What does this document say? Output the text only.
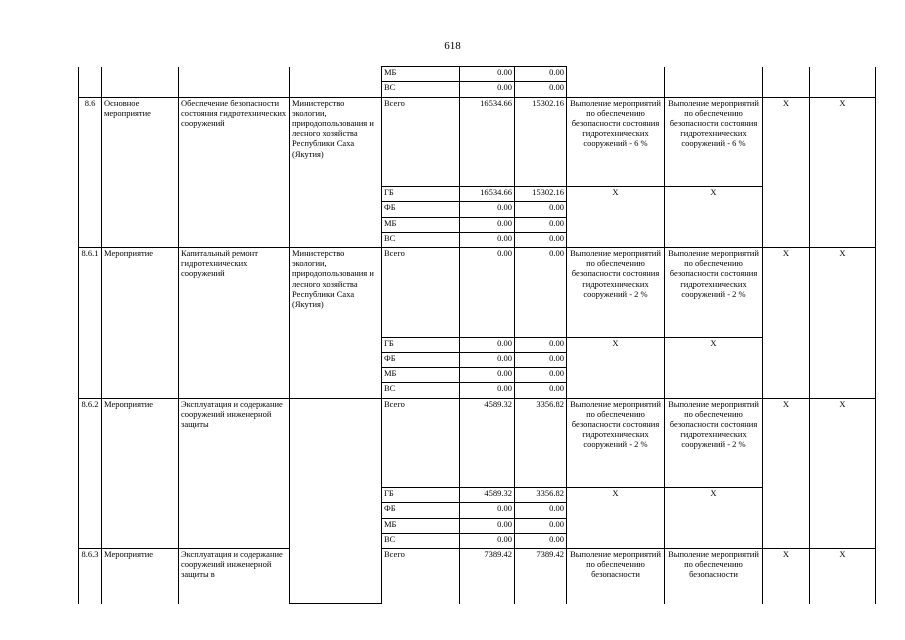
618
				МБ	0.00	0.00				
				ВС	0.00	0.00				
8.6	Основное мероприятие	Обеспечение безопасности состояния гидротехнических сооружений	Министерство экологии, природопользования и лесного хозяйства Республики Саха (Якутия)	Всего	16534.66	15302.16	Выполение мероприятий по обеспечению безопасности состояния гидротехнических сооружений - 6 %	Выполение мероприятий по обеспечению безопасности состояния гидротехнических сооружений - 6 %	Х	Х
				ГБ	16534.66	15302.16	Х	Х		
				ФБ	0.00	0.00				
				МБ	0.00	0.00				
				ВС	0.00	0.00				
8.6.1	Мероприятие	Капитальный ремонт гидротехнических сооружений	Министерство экологии, природопользования и лесного хозяйства Республики Саха (Якутия)	Всего	0.00	0.00	Выполение мероприятий по обеспечению безопасности состояния гидротехнических сооружений - 2 %	Выполение мероприятий по обеспечению безопасности состояния гидротехнических сооружений - 2 %	Х	Х
				ГБ	0.00	0.00	Х	Х		
				ФБ	0.00	0.00				
				МБ	0.00	0.00				
				ВС	0.00	0.00				
8.6.2	Мероприятие	Эксплуатация и содержание сооружений инженерной защиты		Всего	4589.32	3356.82	Выполение мероприятий по обеспечению безопасности состояния гидротехнических сооружений - 2 %	Выполение мероприятий по обеспечению безопасности состояния гидротехнических сооружений - 2 %	Х	Х
				ГБ	4589.32	3356.82	Х	Х		
				ФБ	0.00	0.00				
				МБ	0.00	0.00				
				ВС	0.00	0.00				
8.6.3	Мероприятие	Эксплуатация и содержание сооружений инженерной защиты в		Всего	7389.42	7389.42	Выполение мероприятий по обеспечению безопасности	Выполение мероприятий по обеспечению безопасности	Х	Х
